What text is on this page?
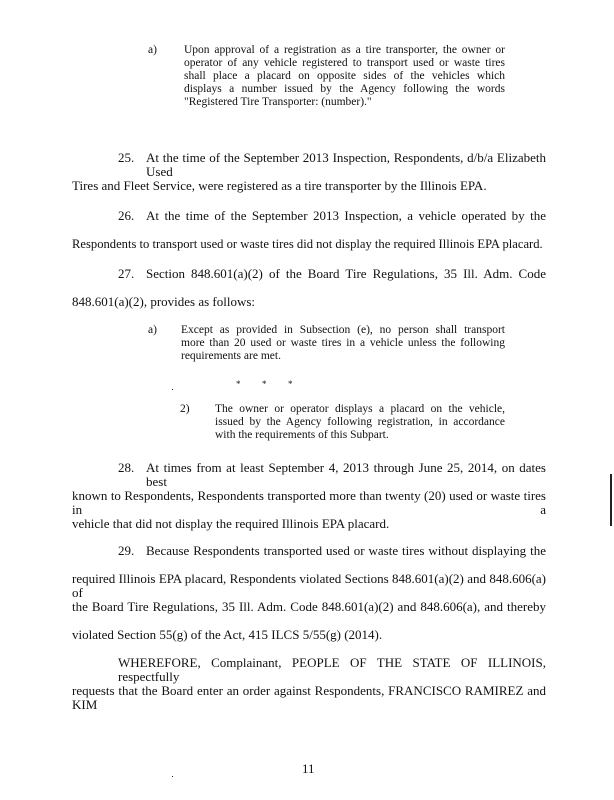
a) Upon approval of a registration as a tire transporter, the owner or
operator of any vehicle registered to transport used or waste tires
shall place a placard on opposite sides of the vehicles which
displays a number issued by the Agency following the words
"Registered Tire Transporter: (number)."
25. At the time of the September 2013 Inspection, Respondents, d/b/a Elizabeth Used
Tires and Fleet Service, were registered as a tire transporter by the Illinois EPA.
26. At the time of the September 2013 Inspection, a vehicle operated by the
Respondents to transport used or waste tires did not display the required Illinois EPA placard.
27. Section 848.601(a)(2) of the Board Tire Regulations, 35 Ill. Adm. Code
848.601(a)(2), provides as follows:
a) Except as provided in Subsection (e), no person shall transport
more than 20 used or waste tires in a vehicle unless the following
requirements are met.
* * *
2) The owner or operator displays a placard on the vehicle,
issued by the Agency following registration, in accordance
with the requirements of this Subpart.
28. At times from at least September 4, 2013 through June 25, 2014, on dates best
known to Respondents, Respondents transported more than twenty (20) used or waste tires in a
vehicle that did not display the required Illinois EPA placard.
29. Because Respondents transported used or waste tires without displaying the
required Illinois EPA placard, Respondents violated Sections 848.601(a)(2) and 848.606(a) of
the Board Tire Regulations, 35 Ill. Adm. Code 848.601(a)(2) and 848.606(a), and thereby
violated Section 55(g) of the Act, 415 ILCS 5/55(g) (2014).
WHEREFORE, Complainant, PEOPLE OF THE STATE OF ILLINOIS, respectfully
requests that the Board enter an order against Respondents, FRANCISCO RAMIREZ and KIM
11
